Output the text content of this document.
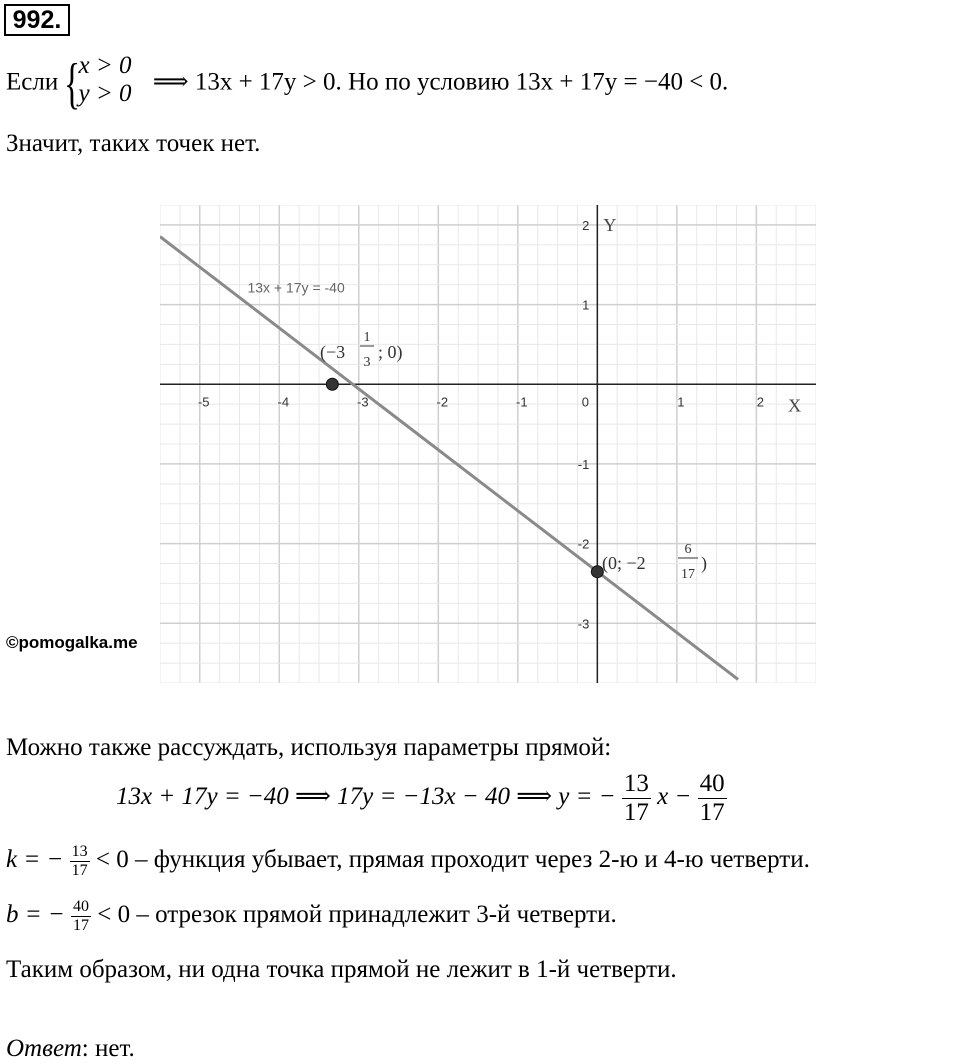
992.
Если {
x > 0
y > 0 ⟹ 13x + 17y > 0. Но по условию 13x + 17y = −40 < 0.
Значит, таких точек нет.
-5	-4	-3	-2	-1	0	1	2
2
1
-1
-2
-3
X
Y
13x + 17y = -40
(−3
1
3
; 0)
(0; −2
6
17
)
©pomogalka.me
Можно также рассуждать, используя параметры прямой:
13x + 17y = −40 ⟹ 17y = −13x − 40 ⟹ y = − $\frac{13}{17}$ $x - \frac{40}{17}$
k = − $\frac{13}{17} < 0$ – функция убывает, прямая проходит через 2-ю и 4-ю четверти.
b = − $\frac{40}{17} < 0$ – отрезок прямой принадлежит 3-й четверти.
Таким образом, ни одна точка прямой не лежит в 1-й четверти.
Ответ: нет.
